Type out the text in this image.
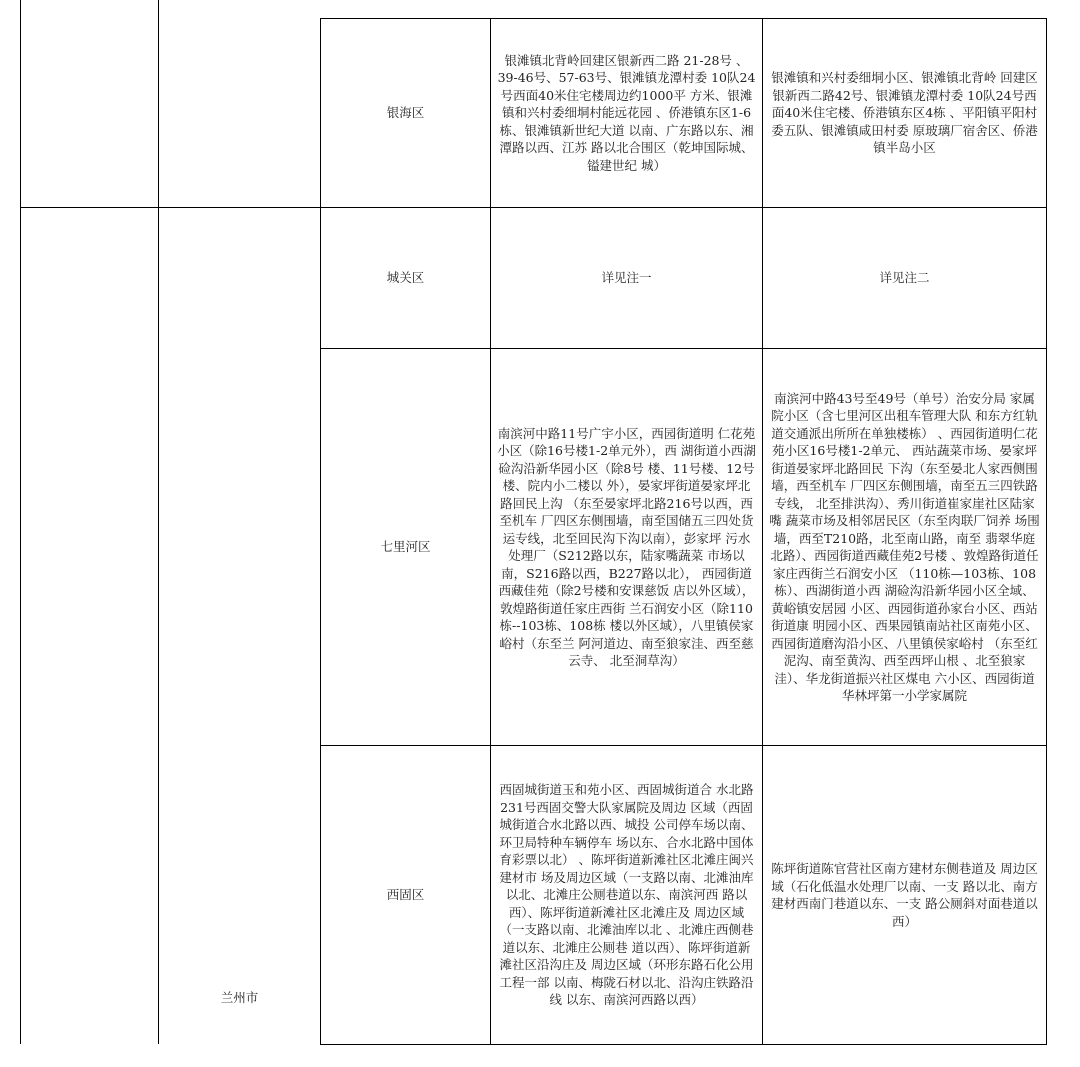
银海区
银滩镇北背岭回建区银新西二路 21-28号 、39-46号、57-63号、银滩镇龙潭村委 10队24号西面40米住宅楼周边约1000平 方米、银滩镇和兴村委细垌村能远花园 、侨港镇东区1-6栋、银滩镇新世纪大道 以南、广东路以东、湘潭路以西、江苏 路以北合围区（乾坤国际城、镒建世纪 城）
银滩镇和兴村委细垌小区、银滩镇北背岭 回建区银新西二路42号、银滩镇龙潭村委 10队24号西面40米住宅楼、侨港镇东区4栋 、平阳镇平阳村委五队、银滩镇咸田村委 原玻璃厂宿舍区、侨港镇半岛小区
兰州市
城关区	详见注一	详见注二
七里河区
南滨河中路11号广宇小区，西园街道明 仁花苑小区（除16号楼1-2单元外），西 湖街道小西湖硷沟沿新华园小区（除8号 楼、11号楼、12号楼、院内小二楼以 外），晏家坪街道晏家坪北路回民上沟 （东至晏家坪北路216号以西，西至机车 厂四区东侧围墙，南至国储五三四处货 运专线，北至回民沟下沟以南），彭家坪 污水处理厂（S212路以东，陆家嘴蔬菜 市场以南，S216路以西，B227路以北）， 西园街道西藏佳苑（除2号楼和安课慈饭 店以外区域），敦煌路街道任家庄西街 兰石润安小区（除110栋--103栋、108栋 楼以外区域），八里镇侯家峪村（东至兰 阿河道边、南至狼家洼、西至慈云寺、 北至洞草沟）
南滨河中路43号至49号（单号）治安分局 家属院小区（含七里河区出租车管理大队 和东方红轨道交通派出所所在单独楼栋） 、西园街道明仁花苑小区16号楼1-2单元、 西站蔬菜市场、晏家坪街道晏家坪北路回民 下沟（东至晏北人家西侧围墙，西至机车 厂四区东侧围墙，南至五三四铁路专线， 北至排洪沟）、秀川街道崔家崖社区陆家嘴 蔬菜市场及相邻居民区（东至肉联厂饲养 场围墙，西至T210路，北至南山路，南至 翡翠华庭北路）、西园街道西藏佳苑2号楼 、敦煌路街道任家庄西街兰石润安小区 （110栋—103栋、108栋）、西湖街道小西 湖硷沟沿新华园小区全域、黄峪镇安居园 小区、西园街道孙家台小区、西站街道康 明园小区、西果园镇南站社区南苑小区、 西园街道磨沟沿小区、八里镇侯家峪村 （东至红泥沟、南至黄沟、西至西坪山根 、北至狼家洼）、华龙街道振兴社区煤电 六小区、西园街道华林坪第一小学家属院
西固区
西固城街道玉和苑小区、西固城街道合 水北路231号西固交警大队家属院及周边 区域（西固城街道合水北路以西、城投 公司停车场以南、环卫局特种车辆停车 场以东、合水北路中国体育彩票以北） 、陈坪街道新滩社区北滩庄闽兴建材市 场及周边区域（一支路以南、北滩油库 以北、北滩庄公厕巷道以东、南滨河西 路以西）、陈坪街道新滩社区北滩庄及 周边区域（一支路以南、北滩油库以北 、北滩庄西侧巷道以东、北滩庄公厕巷 道以西）、陈坪街道新滩社区沿沟庄及 周边区域（环形东路石化公用工程一部 以南、梅陇石材以北、沿沟庄铁路沿线 以东、南滨河西路以西）
陈坪街道陈官营社区南方建材东侧巷道及 周边区域（石化低温水处理厂以南、一支 路以北、南方建材西南门巷道以东、一支 路公厕斜对面巷道以西）
